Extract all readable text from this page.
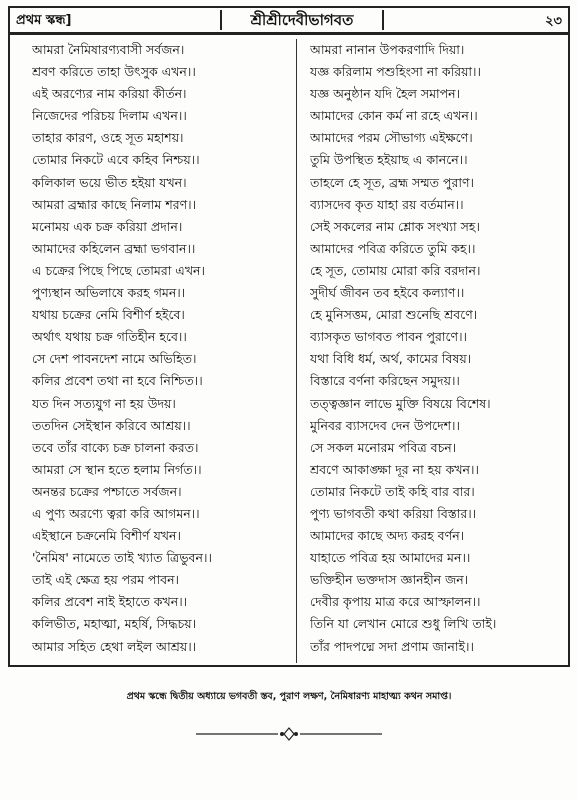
প্রথম স্কন্ধ]	শ্রীশ্রীদেবীভাগবত	২৩
আমরা নৈমিষারণ্যবাসী সর্বজন।
শ্রবণ করিতে তাহা উৎসুক এখন।।
এই অরণ্যের নাম করিয়া কীর্তন।
নিজেদের পরিচয় দিলাম এখন।।
তাহার কারণ, ওহে সূত মহাশয়।
তোমার নিকটে এবে কহিব নিশ্চয়।।
কলিকাল ভয়ে ভীত হইয়া যখন।
আমরা ব্রহ্মার কাছে নিলাম শরণ।।
মনোময় এক চক্র করিয়া প্রদান।
আমাদের কহিলেন ব্রহ্মা ভগবান।।
এ চক্রের পিছে পিছে তোমরা এখন।
পুণ্যস্থান অভিলাষে করহ গমন।।
যথায় চক্রের নেমি বিশীর্ণ হইবে।
অর্থাৎ যথায় চক্র গতিহীন হবে।।
সে দেশ পাবনদেশ নামে অভিহিত।
কলির প্রবেশ তথা না হবে নিশ্চিত।।
যত দিন সত্যযুগ না হয় উদয়।
ততদিন সেইস্থান করিবে আশ্রয়।।
তবে তাঁর বাক্যে চক্র চালনা করত।
আমরা সে স্থান হতে হলাম নির্গত।।
অনন্তর চক্রের পশ্চাতে সর্বজন।
এ পুণ্য অরণ্যে ত্বরা করি আগমন।।
এইস্থানে চক্রনেমি বিশীর্ণ যখন।
'নৈমিষ' নামেতে তাই খ্যাত ত্রিভুবন।।
তাই এই ক্ষেত্র হয় পরম পাবন।
কলির প্রবেশ নাই ইহাতে কখন।।
কলিভীত, মহাত্মা, মহর্ষি, সিদ্ধচয়।
আমার সহিত হেথা লইল আশ্রয়।।
আমরা নানান উপকরণাদি দিয়া।
যজ্ঞ করিলাম পশুহিংসা না করিয়া।।
যজ্ঞ অনুষ্ঠান যদি হৈল সমাপন।
আমাদের কোন কর্ম না রহে এখন।।
আমাদের পরম সৌভাগ্য এইক্ষণে।
তুমি উপস্থিত হইয়াছ এ কাননে।।
তাহলে হে সূত, ব্রহ্ম সম্মত পুরাণ।
ব্যাসদেব কৃত যাহা রয় বর্তমান।।
সেই সকলের নাম শ্লোক সংখ্যা সহ।
আমাদের পবিত্র করিতে তুমি কহ।।
হে সূত, তোমায় মোরা করি বরদান।
সুদীর্ঘ জীবন তব হইবে কল্যাণ।।
হে মুনিসত্তম, মোরা শুনেছি শ্রবণে।
ব্যাসকৃত ভাগবত পাবন পুরাণে।।
যথা বিধি ধর্ম, অর্থ, কামের বিষয়।
বিস্তারে বর্ণনা করিছেন সমুদয়।।
তত্ত্বজ্ঞান লাভে মুক্তি বিষয়ে বিশেষ।
মুনিবর ব্যাসদেব দেন উপদেশ।।
সে সকল মনোরম পবিত্র বচন।
শ্রবণে আকাঙ্ক্ষা দূর না হয় কখন।।
তোমার নিকটে তাই কহি বার বার।
পুণ্য ভাগবতী কথা করিয়া বিস্তার।।
আমাদের কাছে অদ্য করহ বর্ণন।
যাহাতে পবিত্র হয় আমাদের মন।।
ভক্তিহীন ভক্তদাস জ্ঞানহীন জন।
দেবীর কৃপায় মাত্র করে আস্ফালন।।
তিনি যা লেখান মোরে শুধু লিখি তাই।
তাঁর পাদপদ্মে সদা প্রণাম জানাই।।
প্রথম স্কন্ধে দ্বিতীয় অধ্যায়ে ভগবতী স্তব, পুরাণ লক্ষণ, নৈমিষারণ্য মাহাত্ম্য কথন সমাপ্ত।
